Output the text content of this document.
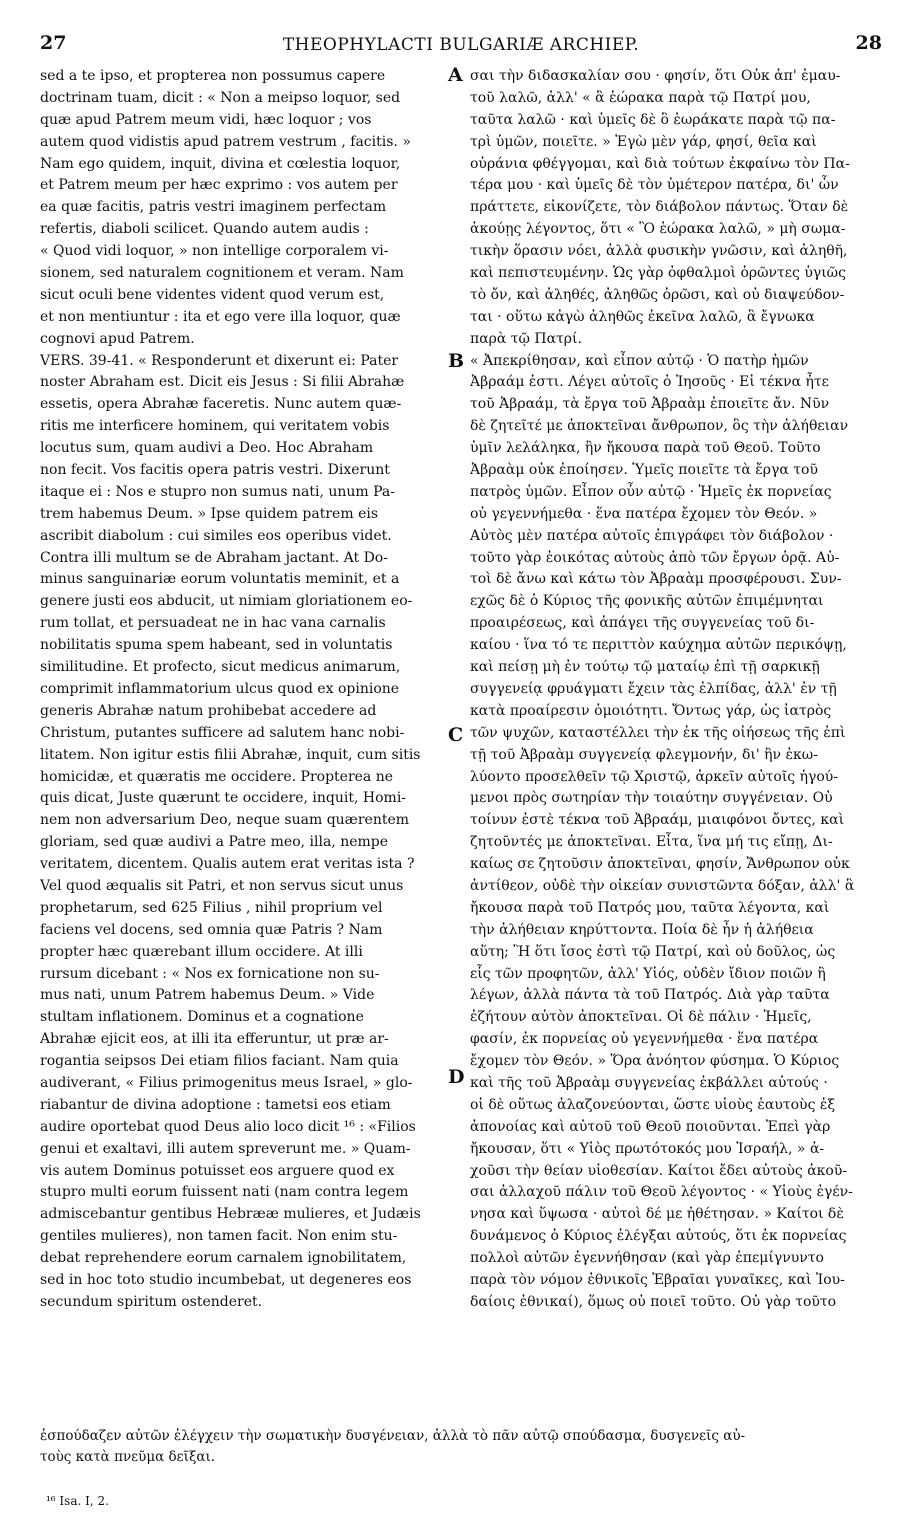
27	THEOPHYLACTI BULGARIÆ ARCHIEP.	28
sed a te ipso, et propterea non possumus capere
doctrinam tuam, dicit : « Non a meipso loquor, sed
quæ apud Patrem meum vidi, hæc loquor ; vos
autem quod vidistis apud patrem vestrum , facitis. »
Nam ego quidem, inquit, divina et cœlestia loquor,
et Patrem meum per hæc exprimo : vos autem per
ea quæ facitis, patris vestri imaginem perfectam
refertis, diaboli scilicet. Quando autem audis :
« Quod vidi loquor, » non intellige corporalem vi-
sionem, sed naturalem cognitionem et veram. Nam
sicut oculi bene videntes vident quod verum est,
et non mentiuntur : ita et ego vere illa loquor, quæ
cognovi apud Patrem.
VERS. 39-41. « Responderunt et dixerunt ei: Pater
noster Abraham est. Dicit eis Jesus : Si filii Abrahæ
essetis, opera Abrahæ faceretis. Nunc autem quæ-
ritis me interficere hominem, qui veritatem vobis
locutus sum, quam audivi a Deo. Hoc Abraham
non fecit. Vos facitis opera patris vestri. Dixerunt
itaque ei : Nos e stupro non sumus nati, unum Pa-
trem habemus Deum. » Ipse quidem patrem eis
ascribit diabolum : cui similes eos operibus videt.
Contra illi multum se de Abraham jactant. At Do-
minus sanguinariæ eorum voluntatis meminit, et a
genere justi eos abducit, ut nimiam gloriationem eo-
rum tollat, et persuadeat ne in hac vana carnalis
nobilitatis spuma spem habeant, sed in voluntatis
similitudine. Et profecto, sicut medicus animarum,
comprimit inflammatorium ulcus quod ex opinione
generis Abrahæ natum prohibebat accedere ad
Christum, putantes sufficere ad salutem hanc nobi-
litatem. Non igitur estis filii Abrahæ, inquit, cum sitis
homicidæ, et quæratis me occidere. Propterea ne
quis dicat, Juste quærunt te occidere, inquit, Homi-
nem non adversarium Deo, neque suam quærentem
gloriam, sed quæ audivi a Patre meo, illa, nempe
veritatem, dicentem. Qualis autem erat veritas ista ?
Vel quod æqualis sit Patri, et non servus sicut unus
prophetarum, sed 625 Filius , nihil proprium vel
faciens vel docens, sed omnia quæ Patris ? Nam
propter hæc quærebant illum occidere. At illi
rursum dicebant : « Nos ex fornicatione non su-
mus nati, unum Patrem habemus Deum. » Vide
stultam inflationem. Dominus et a cognatione
Abrahæ ejicit eos, at illi ita efferuntur, ut præ ar-
rogantia seipsos Dei etiam filios faciant. Nam quia
audiverant, « Filius primogenitus meus Israel, » glo-
riabantur de divina adoptione : tametsi eos etiam
audire oportebat quod Deus alio loco dicit ¹⁶ : «Filios
genui et exaltavi, illi autem spreverunt me. » Quam-
vis autem Dominus potuisset eos arguere quod ex
stupro multi eorum fuissent nati (nam contra legem
admiscebantur gentibus Hebrææ mulieres, et Judæis
gentiles mulieres), non tamen facit. Non enim stu-
debat reprehendere eorum carnalem ignobilitatem,
sed in hoc toto studio incumbebat, ut degeneres eos
secundum spiritum ostenderet.
σαι τὴν διδασκαλίαν σου · φησίν, ὅτι Οὐκ ἀπ' ἐμαυ-
τοῦ λαλῶ, ἀλλ' « ἃ ἑώρακα παρὰ τῷ Πατρί μου,
ταῦτα λαλῶ · καὶ ὑμεῖς δὲ ὃ ἑωράκατε παρὰ τῷ πα-
τρὶ ὑμῶν, ποιεῖτε. » Ἐγὼ μὲν γάρ, φησί, θεῖα καὶ
οὐράνια φθέγγομαι, καὶ διὰ τούτων ἐκφαίνω τὸν Πα-
τέρα μου · καὶ ὑμεῖς δὲ τὸν ὑμέτερον πατέρα, δι' ὧν
πράττετε, εἰκονίζετε, τὸν διάβολον πάντως. Ὅταν δὲ
ἀκούῃς λέγοντος, ὅτι « Ὃ ἑώρακα λαλῶ, » μὴ σωμα-
τικὴν ὅρασιν νόει, ἀλλὰ φυσικὴν γνῶσιν, καὶ ἀληθῆ,
καὶ πεπιστευμένην. Ὡς γὰρ ὀφθαλμοὶ ὁρῶντες ὑγιῶς
τὸ ὄν, καὶ ἀληθές, ἀληθῶς ὁρῶσι, καὶ οὐ διαψεύδον-
ται · οὕτω κἀγὼ ἀληθῶς ἐκεῖνα λαλῶ, ἃ ἔγνωκα
παρὰ τῷ Πατρί.
« Ἀπεκρίθησαν, καὶ εἶπον αὐτῷ · Ὁ πατὴρ ἡμῶν
Ἀβραάμ ἐστι. Λέγει αὐτοῖς ὁ Ἰησοῦς · Εἰ τέκνα ἦτε
τοῦ Ἀβραάμ, τὰ ἔργα τοῦ Ἀβραὰμ ἐποιεῖτε ἄν. Νῦν
δὲ ζητεῖτέ με ἀποκτεῖναι ἄνθρωπον, ὃς τὴν ἀλήθειαν
ὑμῖν λελάληκα, ἣν ἤκουσα παρὰ τοῦ Θεοῦ. Τοῦτο
Ἀβραὰμ οὐκ ἐποίησεν. Ὑμεῖς ποιεῖτε τὰ ἔργα τοῦ
πατρὸς ὑμῶν. Εἶπον οὖν αὐτῷ · Ἡμεῖς ἐκ πορνείας
οὐ γεγεννήμεθα · ἕνα πατέρα ἔχομεν τὸν Θεόν. »
Αὐτὸς μὲν πατέρα αὐτοῖς ἐπιγράφει τὸν διάβολον ·
τοῦτο γὰρ ἐοικότας αὐτοὺς ἀπὸ τῶν ἔργων ὁρᾷ. Αὐ-
τοὶ δὲ ἄνω καὶ κάτω τὸν Ἀβραὰμ προσφέρουσι. Συν-
εχῶς δὲ ὁ Κύριος τῆς φονικῆς αὐτῶν ἐπιμέμνηται
προαιρέσεως, καὶ ἀπάγει τῆς συγγενείας τοῦ δι-
καίου · ἵνα τό τε περιττὸν καύχημα αὐτῶν περικόψῃ,
καὶ πείσῃ μὴ ἐν τούτῳ τῷ ματαίῳ ἐπὶ τῇ σαρκικῇ
συγγενείᾳ φρυάγματι ἔχειν τὰς ἐλπίδας, ἀλλ' ἐν τῇ
κατὰ προαίρεσιν ὁμοιότητι. Ὄντως γάρ, ὡς ἰατρὸς
τῶν ψυχῶν, καταστέλλει τὴν ἐκ τῆς οἰήσεως τῆς ἐπὶ
τῇ τοῦ Ἀβραὰμ συγγενείᾳ φλεγμονήν, δι' ἣν ἐκω-
λύοντο προσελθεῖν τῷ Χριστῷ, ἀρκεῖν αὐτοῖς ἡγού-
μενοι πρὸς σωτηρίαν τὴν τοιαύτην συγγένειαν. Οὐ
τοίνυν ἐστὲ τέκνα τοῦ Ἀβραάμ, μιαιφόνοι ὄντες, καὶ
ζητοῦντές με ἀποκτεῖναι. Εἶτα, ἵνα μή τις εἴπῃ, Δι-
καίως σε ζητοῦσιν ἀποκτεῖναι, φησίν, Ἄνθρωπον οὐκ
ἀντίθεον, οὐδὲ τὴν οἰκείαν συνιστῶντα δόξαν, ἀλλ' ἃ
ἤκουσα παρὰ τοῦ Πατρός μου, ταῦτα λέγοντα, καὶ
τὴν ἀλήθειαν κηρύττοντα. Ποία δὲ ἦν ἡ ἀλήθεια
αὕτη; Ἢ ὅτι ἴσος ἐστὶ τῷ Πατρί, καὶ οὐ δοῦλος, ὡς
εἷς τῶν προφητῶν, ἀλλ' Υἱός, οὐδὲν ἴδιον ποιῶν ἢ
λέγων, ἀλλὰ πάντα τὰ τοῦ Πατρός. Διὰ γὰρ ταῦτα
ἐζήτουν αὐτὸν ἀποκτεῖναι. Οἱ δὲ πάλιν · Ἡμεῖς,
φασίν, ἐκ πορνείας οὐ γεγεννήμεθα · ἕνα πατέρα
ἔχομεν τὸν Θεόν. » Ὅρα ἀνόητον φύσημα. Ὁ Κύριος
καὶ τῆς τοῦ Ἀβραὰμ συγγενείας ἐκβάλλει αὐτούς ·
οἱ δὲ οὕτως ἀλαζονεύονται, ὥστε υἱοὺς ἑαυτοὺς ἐξ
ἀπονοίας καὶ αὐτοῦ τοῦ Θεοῦ ποιοῦνται. Ἐπεὶ γὰρ
ἤκουσαν, ὅτι « Υἱὸς πρωτότοκός μου Ἰσραήλ, » ἀ-
χοῦσι τὴν θείαν υἱοθεσίαν. Καίτοι ἔδει αὐτοὺς ἀκοῦ-
σαι ἀλλαχοῦ πάλιν τοῦ Θεοῦ λέγοντος · « Υἱοὺς ἐγέν-
νησα καὶ ὕψωσα · αὐτοὶ δέ με ἠθέτησαν. » Καίτοι δὲ
δυνάμενος ὁ Κύριος ἐλέγξαι αὐτούς, ὅτι ἐκ πορνείας
πολλοὶ αὐτῶν ἐγεννήθησαν (καὶ γὰρ ἐπεμίγνυντο
παρὰ τὸν νόμον ἐθνικοῖς Ἑβραῖαι γυναῖκες, καὶ Ἰου-
δαίοις ἐθνικαί), ὅμως οὐ ποιεῖ τοῦτο. Οὐ γὰρ τοῦτο
A
B
C
D
ἐσπούδαζεν αὐτῶν ἐλέγχειν τὴν σωματικὴν δυσγένειαν, ἀλλὰ τὸ πᾶν αὐτῷ σπούδασμα, δυσγενεῖς αὐ-
τοὺς κατὰ πνεῦμα δεῖξαι.
¹⁶ Isa. I, 2.
